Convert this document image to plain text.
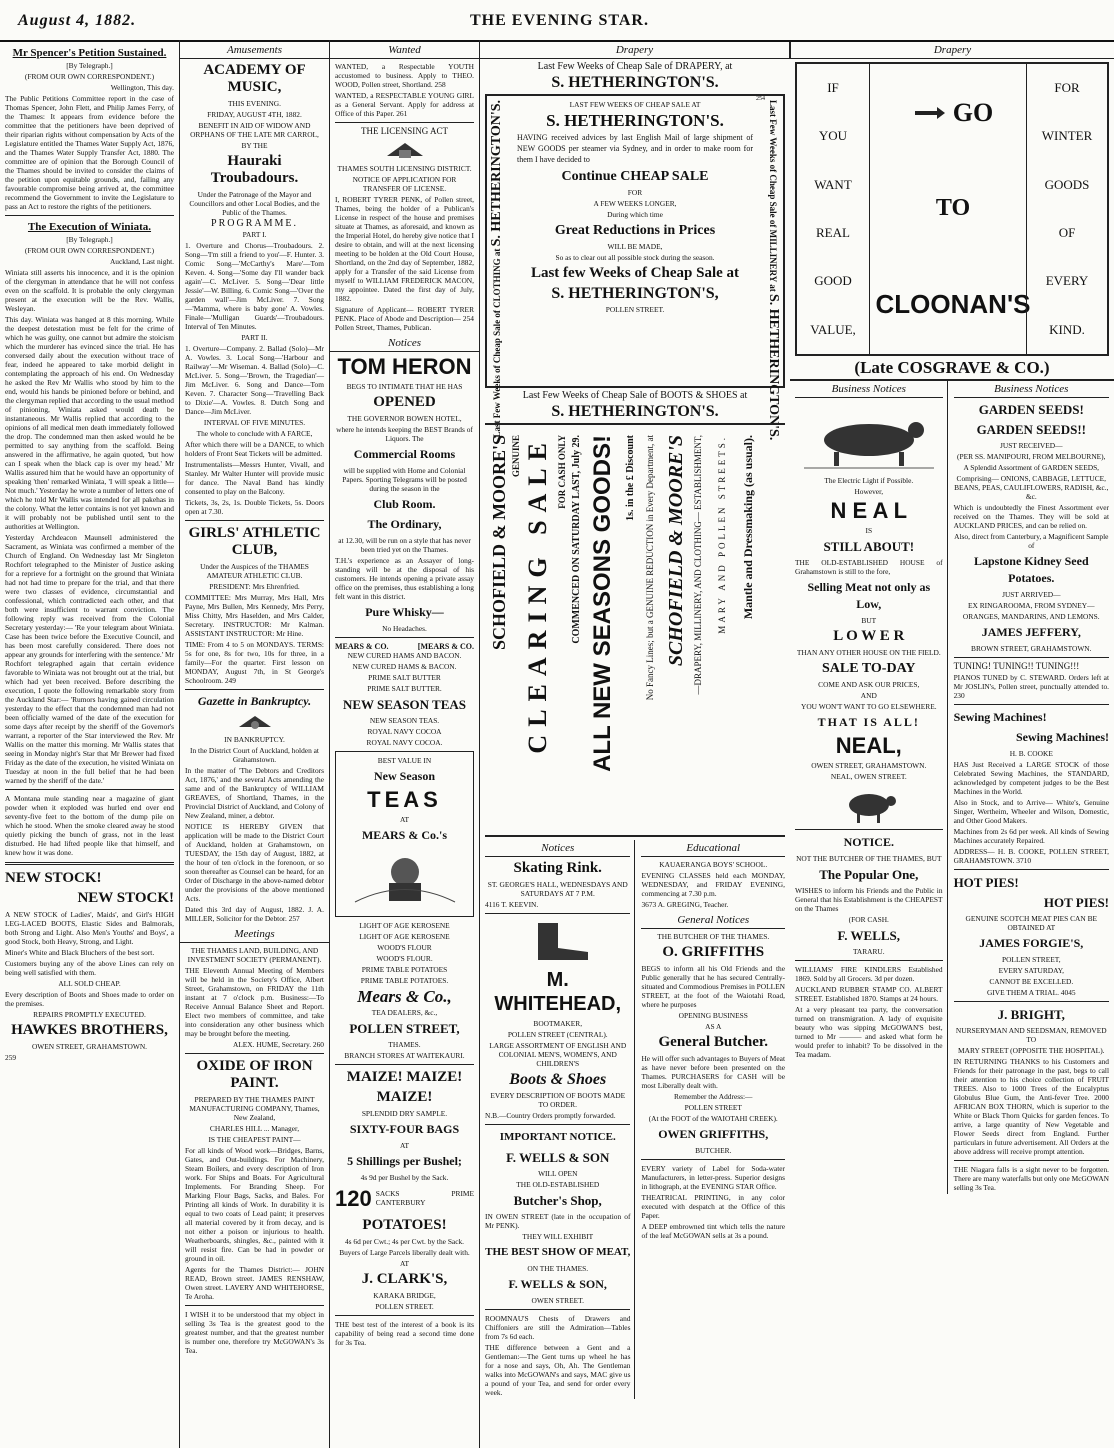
August 4, 1882.	THE EVENING STAR.
Mr Spencer's Petition Sustained.
[By Telegraph.]
(FROM OUR OWN CORRESPONDENT.)
Wellington, This day.
The Public Petitions Committee report in the case of Thomas Spencer, John Flett, and Philip James Ferry, of the Thames: It appears from evidence before the committee that the petitioners have been deprived of their riparian rights without compensation by Acts of the Legislature entitled the Thames Water Supply Act, 1876, and the Thames Water Supply Transfer Act, 1880. The committee are of opinion that the Borough Council of the Thames should be invited to consider the claims of the petition upon equitable grounds, and, failing any favourable compromise being arrived at, the committee recommend the Government to invite the Legislature to pass an Act to restore the rights of the petitioners.
The Execution of Winiata.
[By Telegraph.]
(FROM OUR OWN CORRESPONDENT.)
Auckland, Last night.
Winiata still asserts his innocence, and it is the opinion of the clergyman in attendance that he will not confess even on the scaffold. It is probable the only clergyman present at the execution will be the Rev. Wallis, Wesleyan.
This day. Winiata was hanged at 8 this morning. While the deepest detestation must be felt for the crime of which he was guilty, one cannot but admire the stoicism which the murderer has evinced since the trial. He has conversed daily about the execution without trace of fear, indeed he appeared to take morbid delight in contemplating the approach of his end. On Wednesday he asked the Rev Mr Wallis who stood by him to the end, would his hands be pinioned before or behind, and the clergyman replied that according to the usual method of pinioning, Winiata asked would death be instantaneous. Mr Wallis replied that according to the opinions of all medical men death immediately followed the drop. The condemned man then asked would he be permitted to say anything from the scaffold. Being answered in the affirmative, he again quoted, 'but how can I speak when the black cap is over my head.' Mr Wallis assured him that he would have an opportunity of speaking 'then' remarked Winiata, 'I will speak a little—Not much.' Yesterday he wrote a number of letters one of which he told Mr Wallis was intended for all pakehas in the colony. What the letter contains is not yet known and it will probably not be published until sent to the authorities at Wellington.
Yesterday Archdeacon Maunsell administered the Sacrament, as Winiata was confirmed a member of the Church of England. On Wednesday last Mr Singleton Rochfort telegraphed to the Minister of Justice asking for a reprieve for a fortnight on the ground that Winiata had not had time to prepare for the trial, and that there were two classes of evidence, circumstantial and confessional, which contradicted each other, and that both were insufficient to warrant conviction. The following reply was received from the Colonial Secretary yesterday:— 'Re your telegram about Winiata. Case has been twice before the Executive Council, and has been most carefully considered. There does not appear any grounds for interfering with the sentence.' Mr Rochfort telegraphed again that certain evidence favorable to Winiata was not brought out at the trial, but which had yet been received. Before describing the execution, I quote the following remarkable story from the Auckland Star:— 'Rumors having gained circulation yesterday to the effect that the condemned man had not been officially warned of the date of the execution for some days after receipt by the sheriff of the Governor's warrant, a reporter of the Star interviewed the Rev. Mr Wallis on the matter this morning. Mr Wallis states that seeing in Monday night's Star that Mr Brewer had fixed Friday as the date of the execution, he visited Winiata on Tuesday at noon in the full belief that he had been warned by the sheriff of the date.'
A Montana mule standing near a magazine of giant powder when it exploded was hurled end over end seventy-five feet to the bottom of the dump pile on which he stood. When the smoke cleared away he stood quietly picking the bunch of grass, not in the least disturbed. He had lifted people like that himself, and knew how it was done.
NEW STOCK!
NEW STOCK!
A NEW STOCK of Ladies', Maids', and Girl's HIGH LEG-LACED BOOTS, Elastic Sides and Balmorals, both Strong and Light. Also Men's Youths' and Boys', a good Stock, both Heavy, Strong, and Light.
Miner's White and Black Bluchers of the best sort.
Customers buying any of the above Lines can rely on being well satisfied with them.
ALL SOLD CHEAP.
Every description of Boots and Shoes made to order on the premises.
REPAIRS PROMPTLY EXECUTED.
HAWKES BROTHERS,
OWEN STREET, GRAHAMSTOWN.
259
Amusements
ACADEMY OF MUSIC,
THIS EVENING.
FRIDAY, AUGUST 4TH, 1882.
BENEFIT IN AID OF WIDOW AND ORPHANS OF THE LATE MR CARROL,
BY THE
Hauraki Troubadours.
Under the Patronage of the Mayor and Councillors and other Local Bodies, and the Public of the Thames.
PROGRAMME.
PART I.
1. Overture and Chorus—Troubadours. 2. Song—'I'm still a friend to you'—F. Hunter. 3. Comic Song—'McCarthy's Mare'—Tom Keven. 4. Song—'Some day I'll wander back again'—C. McLiver. 5. Song—'Dear little Jessie'—W. Billing. 6. Comic Song—'Over the garden wall'—Jim McLiver. 7. Song—'Mamma, where is baby gone' A. Vowles. Finale—'Mulligan Guards'—Troubadours. Interval of Ten Minutes.
PART II.
1. Overture—Company. 2. Ballad (Solo)—Mr A. Vowles. 3. Local Song—'Harbour and Railway'—Mr Wiseman. 4. Ballad (Solo)—C. McLiver. 5. Song—'Brown, the Tragedian'—Jim McLiver. 6. Song and Dance—Tom Keven. 7. Character Song—'Travelling Back to Dixie'—A. Vowles. 8. Dutch Song and Dance—Jim McLiver.
INTERVAL OF FIVE MINUTES.
The whole to conclude with A FARCE,
After which there will be a DANCE, to which holders of Front Seat Tickets will be admitted.
Instrumentalists—Messrs Hunter, Vivall, and Stanley. Mr Walter Hunter will provide music for dance. The Naval Band has kindly consented to play on the Balcony.
Tickets, 3s, 2s, 1s. Double Tickets, 5s. Doors open at 7.30.
GIRLS' ATHLETIC CLUB,
Under the Auspices of the THAMES AMATEUR ATHLETIC CLUB.
PRESIDENT: Mrs Ehrenfried.
COMMITTEE: Mrs Murray, Mrs Hall, Mrs Payne, Mrs Bullen, Mrs Kennedy, Mrs Perry, Miss Chitty, Mrs Haselden, and Mrs Calder, Secretary. INSTRUCTOR: Mr Kalman. ASSISTANT INSTRUCTOR: Mr Hine.
TIME: From 4 to 5 on MONDAYS. TERMS: 5s for one, 8s for two, 10s for three, in a family—For the quarter. First lesson on MONDAY, August 7th, in St George's Schoolroom. 249
Gazette in Bankruptcy.
IN BANKRUPTCY.
In the District Court of Auckland, holden at Grahamstown.
In the matter of 'The Debtors and Creditors Act, 1876,' and the several Acts amending the same and of the Bankruptcy of WILLIAM GREAVES, of Shortland, Thames, in the Provincial District of Auckland, and Colony of New Zealand, miner, a debtor.
NOTICE IS HEREBY GIVEN that application will be made to the District Court of Auckland, holden at Grahamstown, on TUESDAY, the 15th day of August, 1882, at the hour of ten o'clock in the forenoon, or so soon thereafter as Counsel can be heard, for an Order of Discharge in the above-named debtor under the provisions of the above mentioned Acts.
Dated this 3rd day of August, 1882. J. A. MILLER, Solicitor for the Debtor. 257
Meetings
THE THAMES LAND, BUILDING, AND INVESTMENT SOCIETY (PERMANENT).
THE Eleventh Annual Meeting of Members will be held in the Society's Office, Albert Street, Grahamstown, on FRIDAY the 11th instant at 7 o'clock p.m. Business:—To Receive Annual Balance Sheet and Report. Elect two members of committee, and take into consideration any other business which may be brought before the meeting.
ALEX. HUME, Secretary. 260
OXIDE OF IRON PAINT.
PREPARED BY THE THAMES PAINT MANUFACTURING COMPANY, Thames, New Zealand,
CHARLES HILL ... Manager,
IS THE CHEAPEST PAINT—
For all kinds of Wood work—Bridges, Barns, Gates, and Out-buildings. For Machinery, Steam Boilers, and every description of Iron work. For Ships and Boats. For Agricultural Implements. For Branding Sheep. For Marking Flour Bags, Sacks, and Bales. For Printing all kinds of Work. In durability it is equal to two coats of Lead paint; it preserves all material covered by it from decay, and is not either a poison or injurious to health. Weatherboards, shingles, &c., painted with it will resist fire. Can be had in powder or ground in oil.
Agents for the Thames District:— JOHN READ, Brown street. JAMES RENSHAW, Owen street. LAVERY AND WHITEHORSE, Te Aroha.
I WISH it to be understood that my object in selling 3s Tea is the greatest good to the greatest number, and that the greatest number is number one, therefore try McGOWAN's 3s Tea.
Wanted
WANTED, a Respectable YOUTH accustomed to business. Apply to THEO. WOOD, Pollen street, Shortland. 258
WANTED, a RESPECTABLE YOUNG GIRL as a General Servant. Apply for address at Office of this Paper. 261
THE LICENSING ACT
THAMES SOUTH LICENSING DISTRICT.
NOTICE OF APPLICATION FOR TRANSFER OF LICENSE.
I, ROBERT TYRER PENK, of Pollen street, Thames, being the holder of a Publican's License in respect of the house and premises situate at Thames, as aforesaid, and known as the Imperial Hotel, do hereby give notice that I desire to obtain, and will at the next licensing meeting to be holden at the Old Court House, Shortland, on the 2nd day of September, 1882, apply for a Transfer of the said License from myself to WILLIAM FREDERICK MACON, my appointee. Dated the first day of July, 1882.
Signature of Applicant— ROBERT TYRER PENK. Place of Abode and Description— 254 Pollen Street, Thames, Publican.
Notices
TOM HERON
BEGS TO INTIMATE THAT HE HAS
OPENED
THE GOVERNOR BOWEN HOTEL,
where he intends keeping the BEST Brands of Liquors. The
Commercial Rooms
will be supplied with Home and Colonial Papers. Sporting Telegrams will be posted during the season in the
Club Room.
The Ordinary,
at 12.30, will be run on a style that has never been tried yet on the Thames.
T.H.'s experience as an Assayer of long-standing will be at the disposal of his customers. He intends opening a private assay office on the premises, thus establishing a long felt want in this district.
Pure Whisky—
No Headaches.
MEARS & CO.	[MEARS & CO.
NEW CURED HAMS AND BACON.
NEW CURED HAMS & BACON.
PRIME SALT BUTTER
PRIME SALT BUTTER.
NEW SEASON TEAS
NEW SEASON TEAS.
ROYAL NAVY COCOA
ROYAL NAVY COCOA.
BEST VALUE IN
New Season
TEAS
AT
MEARS & Co.'s
LIGHT OF AGE KEROSENE
LIGHT OF AGE KEROSENE
WOOD'S FLOUR
WOOD'S FLOUR.
PRIME TABLE POTATOES
PRIME TABLE POTATOES.
Mears & Co.,
TEA DEALERS, &c.,
POLLEN STREET,
THAMES.
BRANCH STORES AT WAITEKAURI.
MAIZE! MAIZE!
MAIZE!
SPLENDID DRY SAMPLE.
SIXTY-FOUR BAGS
AT
5 Shillings per Bushel;
4s 9d per Bushel by the Sack.
120 SACKS PRIME CANTERBURY
POTATOES!
4s 6d per Cwt.; 4s per Cwt. by the Sack.
Buyers of Large Parcels liberally dealt with.
AT
J. CLARK'S,
KARAKA BRIDGE,
POLLEN STREET.
THE best test of the interest of a book is its capability of being read a second time done for 3s Tea.
Drapery
Last Few Weeks of Cheap Sale of DRAPERY, at
S. HETHERINGTON'S.
Last Few Weeks of Cheap Sale of CLOTHING at S. HETHERINGTON'S.	Last Few Weeks of Cheap Sale of MILLINERY at S. HETHERINGTON'S.
LAST FEW WEEKS OF CHEAP SALE AT
S. HETHERINGTON'S.
HAVING received advices by last English Mail of large shipment of NEW GOODS per steamer via Sydney, and in order to make room for them I have decided to
Continue CHEAP SALE
FOR
A FEW WEEKS LONGER,
During which time
Great Reductions in Prices
WILL BE MADE,
So as to clear out all possible stock during the season.
Last few Weeks of Cheap Sale at
S. HETHERINGTON'S,
POLLEN STREET.
254
Last Few Weeks of Cheap Sale of BOOTS & SHOES at
S. HETHERINGTON'S.
SCHOFIELD & MOORE'S GENUINE CLEARING SALE FOR CASH ONLY COMMENCED ON SATURDAY LAST, July 29. ALL NEW SEASONS GOODS! 1s. in the £ Discount No Fancy Lines; but a GENUINE REDUCTION in Every Department, at SCHOFIELD & MOORE'S —DRAPERY, MILLINERY, AND CLOTHING— ESTABLISHMENT, MARY AND POLLEN STREETS. Mantle and Dressmaking (as usual).
Notices
Skating Rink.
ST. GEORGE'S HALL, WEDNESDAYS AND SATURDAYS AT 7 P.M.
4116 T. KEEVIN.
M. WHITEHEAD,
BOOTMAKER,
POLLEN STREET (CENTRAL).
LARGE ASSORTMENT OF ENGLISH AND COLONIAL MEN'S, WOMEN'S, AND CHILDREN'S
Boots & Shoes
EVERY DESCRIPTION OF BOOTS MADE TO ORDER.
N.B.—Country Orders promptly forwarded.
IMPORTANT NOTICE.
F. WELLS & SON
WILL OPEN
THE OLD-ESTABLISHED
Butcher's Shop,
IN OWEN STREET (late in the occupation of Mr PENK).
THEY WILL EXHIBIT
THE BEST SHOW OF MEAT,
ON THE THAMES.
F. WELLS & SON,
OWEN STREET.
ROOMNAU'S Chests of Drawers and Chiffoniers are still the Admiration—Tables from 7s 6d each.
THE difference between a Gent and a Gentleman:—The Gent turns up wheel he has for a nose and says, Oh, Ah. The Gentleman walks into McGOWAN's and says, MAC give us a pound of your Tea, and send for order every week.
Educational
KAUAERANGA BOYS' SCHOOL.
EVENING CLASSES held each MONDAY, WEDNESDAY, and FRIDAY EVENING, commencing at 7.30 p.m.
3673 A. GREGING, Teacher.
General Notices
THE BUTCHER OF THE THAMES.
O. GRIFFITHS
BEGS to inform all his Old Friends and the Public generally that he has secured Centrally-situated and Commodious Premises in POLLEN STREET, at the foot of the Waiotahi Road, where he purposes
OPENING BUSINESS
AS A
General Butcher.
He will offer such advantages to Buyers of Meat as have never before been presented on the Thames. PURCHASERS for CASH will be most Liberally dealt with.
Remember the Address:—
POLLEN STREET
(At the FOOT of the WAIOTAHI CREEK).
OWEN GRIFFITHS,
BUTCHER.
EVERY variety of Label for Soda-water Manufacturers, in letter-press. Superior designs in lithograph, at the EVENING STAR Office.
THEATRICAL PRINTING, in any color executed with despatch at the Office of this Paper.
A DEEP embrowned tint which tells the nature of the leaf McGOWAN sells at 3s a pound.
Drapery
IF
YOU
WANT
REAL
GOOD
VALUE,
GO
TO
CLOONAN'S
FOR
WINTER
GOODS
OF
EVERY
KIND.
(Late COSGRAVE & CO.)
Business Notices
The Electric Light if Possible.
However,
N E A L
IS
STILL ABOUT!
THE OLD-ESTABLISHED HOUSE of Grahamstown is still to the fore,
Selling Meat not only as Low,
BUT
L O W E R
THAN ANY OTHER HOUSE ON THE FIELD.
SALE TO-DAY
COME AND ASK OUR PRICES,
AND
YOU WON'T WANT TO GO ELSEWHERE.
THAT IS ALL!
NEAL,
OWEN STREET, GRAHAMSTOWN.
NEAL, OWEN STREET.
NOTICE.
NOT THE BUTCHER OF THE THAMES, BUT
The Popular One,
WISHES to inform his Friends and the Public in General that his Establishment is the CHEAPEST on the Thames
(FOR CASH.
F. WELLS,
TARARU.
WILLIAMS' FIRE KINDLERS Established 1869. Sold by all Grocers. 3d per dozen.
AUCKLAND RUBBER STAMP CO. ALBERT STREET. Established 1870. Stamps at 24 hours.
At a very pleasant tea party, the conversation turned on transmigration. A lady of exquisite beauty who was sipping McGOWAN'S best, turned to Mr ——— and asked what form he would prefer to inhabit? To be dissolved in the Tea madam.
Business Notices
GARDEN SEEDS!
GARDEN SEEDS!!
JUST RECEIVED—
(PER SS. MANIPOURI, FROM MELBOURNE),
A Splendid Assortment of GARDEN SEEDS,
Comprising— ONIONS, CABBAGE, LETTUCE, BEANS, PEAS, CAULIFLOWERS, RADISH, &c., &c.
Which is undoubtedly the Finest Assortment ever received on the Thames. They will be sold at AUCKLAND PRICES, and can be relied on.
Also, direct from Canterbury, a Magnificent Sample of
Lapstone Kidney Seed Potatoes.
JUST ARRIVED—
EX RINGAROOMA, FROM SYDNEY—
ORANGES, MANDARINS, AND LEMONS.
JAMES JEFFERY,
BROWN STREET, GRAHAMSTOWN.
TUNING! TUNING!! TUNING!!!
PIANOS TUNED by C. STEWARD. Orders left at Mr JOSLIN's, Pollen street, punctually attended to. 230
Sewing Machines!
Sewing Machines!
H. B. COOKE
HAS Just Received a LARGE STOCK of those Celebrated Sewing Machines, the STANDARD, acknowledged by competent judges to be the Best Machines in the World.
Also in Stock, and to Arrive— White's, Genuine Singer, Wertheim, Wheeler and Wilson, Domestic, and Other Good Makers.
Machines from 2s 6d per week. All kinds of Sewing Machines accurately Repaired.
ADDRESS— H. B. COOKE, POLLEN STREET, GRAHAMSTOWN. 3710
HOT PIES!
HOT PIES!
GENUINE SCOTCH MEAT PIES CAN BE OBTAINED AT
JAMES FORGIE'S,
POLLEN STREET,
EVERY SATURDAY,
CANNOT BE EXCELLED.
GIVE THEM A TRIAL. 4045
J. BRIGHT,
NURSERYMAN AND SEEDSMAN, REMOVED TO
MARY STREET (OPPOSITE THE HOSPITAL).
IN RETURNING THANKS to his Customers and Friends for their patronage in the past, begs to call their attention to his choice collection of FRUIT TREES. Also to 1000 Trees of the Eucalyptus Globulus Blue Gum, the Anti-fever Tree. 2000 AFRICAN BOX THORN, which is superior to the White or Black Thorn Quicks for garden fences. To arrive, a large quantity of New Vegetable and Flower Seeds direct from England. Further particulars in future advertisement. All Orders at the above address will receive prompt attention.
THE Niagara falls is a sight never to be forgotten. There are many waterfalls but only one McGOWAN selling 3s Tea.
